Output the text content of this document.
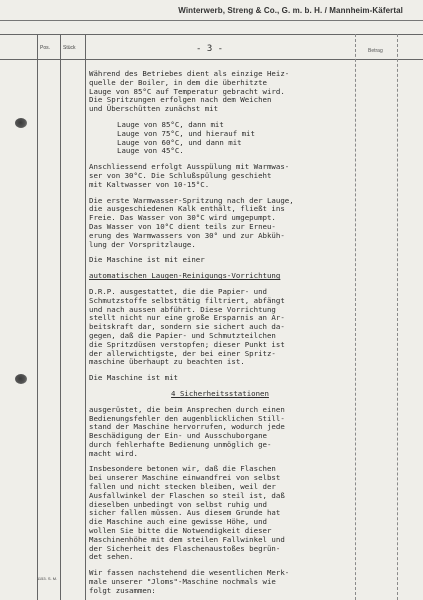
Winterwerb, Streng & Co., G. m. b. H. / Mannheim-Käfertal
Pos.	Stück	- 3 -	Betrag

Während des Betriebes dient als einzige Heiz-
quelle der Boiler, in dem die überhitzte
Lauge von 85°C auf Temperatur gebracht wird.
Die Spritzungen erfolgen nach dem Weichen
und Überschütten zunächst mit

Lauge von 85°C, dann mit
Lauge von 75°C, und hierauf mit
Lauge von 60°C, und dann mit
Lauge von 45°C.

Anschliessend erfolgt Ausspülung mit Warmwas-
ser von 30°C. Die Schlußspülung geschieht
mit Kaltwasser von 10-15°C.

Die erste Warmwasser-Spritzung nach der Lauge,
die ausgeschiedenen Kalk enthält, fließt ins
Freie. Das Wasser von 30°C wird umgepumpt.
Das Wasser von 10°C dient teils zur Erneu-
erung des Warmwassers von 30° und zur Abküh-
lung der Vorspritzlauge.

Die Maschine ist mit einer

automatischen Laugen-Reinigungs-Vorrichtung

D.R.P. ausgestattet, die die Papier- und
Schmutzstoffe selbsttätig filtriert, abfängt
und nach aussen abführt. Diese Vorrichtung
stellt nicht nur eine große Ersparnis an Ar-
beitskraft dar, sondern sie sichert auch da-
gegen, daß die Papier- und Schmutzteilchen
die Spritzdüsen verstopfen; dieser Punkt ist
der allerwichtigste, der bei einer Spritz-
maschine überhaupt zu beachten ist.

Die Maschine ist mit

4 Sicherheitsstationen

ausgerüstet, die beim Ansprechen durch einen
Bedienungsfehler den augenblicklichen Still-
stand der Maschine hervorrufen, wodurch jede
Beschädigung der Ein- und Ausschuborgane
durch fehlerhafte Bedienung unmöglich ge-
macht wird.

Insbesondere betonen wir, daß die Flaschen
bei unserer Maschine einwandfrei von selbst
fallen und nicht stecken bleiben, weil der
Ausfallwinkel der Flaschen so steil ist, daß
dieselben unbedingt von selbst ruhig und
sicher fallen müssen. Aus diesem Grunde hat
die Maschine auch eine gewisse Höhe, und
wollen Sie bitte die Notwendigkeit dieser
Maschinenhöhe mit dem steilen Fallwinkel und
der Sicherheit des Flaschenaustoßes begrün-
det sehen.

Wir fassen nachstehend die wesentlichen Merk-
male unserer "Jloms"-Maschine nochmals wie
folgt zusammen:

1153. S. M.
